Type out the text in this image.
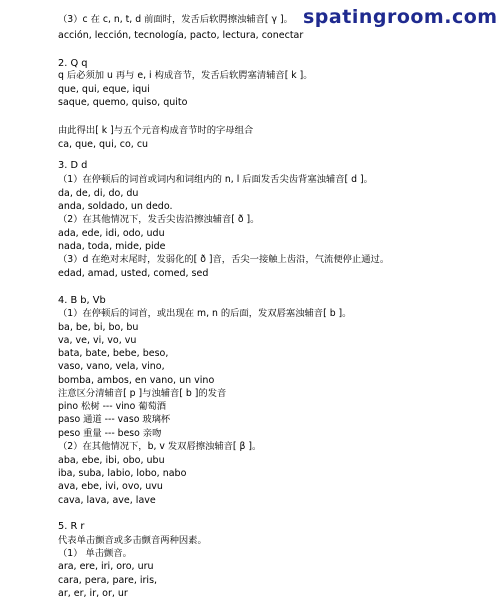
（3）c 在 c, n, t, d 前面时，发舌后软腭擦浊辅音[ γ ]。
acción, lección, tecnología, pacto, lectura, conectar
2. Q q
q 后必须加 u 再与 e, i 构成音节，发舌后软腭塞清辅音[ k ]。
que, qui, eque, iqui
saque, quemo, quiso, quito
由此得出[ k ]与五个元音构成音节时的字母组合
ca, que, qui, co, cu
3. D d
（1）在停顿后的词首或词内和词组内的 n, l 后面发舌尖齿背塞浊辅音[ d ]。
da, de, di, do, du
anda, soldado, un dedo.
（2）在其他情况下，发舌尖齿沿擦浊辅音[ ð ]。
ada, ede, idi, odo, udu
nada, toda, mide, pide
（3）d 在绝对末尾时，发弱化的[ ð ]音，舌尖一接触上齿沿，气流便停止通过。
edad, amad, usted, comed, sed
4. B b, Vb
（1）在停顿后的词首，或出现在 m, n 的后面，发双唇塞浊辅音[ b ]。
ba, be, bi, bo, bu
va, ve, vi, vo, vu
bata, bate, bebe, beso,
vaso, vano, vela, vino,
bomba, ambos, en vano, un vino
注意区分清辅音[ p ]与浊辅音[ b ]的发音
pino 松树 --- vino 葡萄酒
paso 通道 --- vaso 玻璃杯
peso 重量 --- beso 亲吻
（2）在其他情况下，b, v 发双唇擦浊辅音[ β ]。
aba, ebe, ibi, obo, ubu
iba, suba, labio, lobo, nabo
ava, ebe, ivi, ovo, uvu
cava, lava, ave, lave
5. R r
代表单击颤音或多击颤音两种因素。
（1） 单击颤音。
ara, ere, iri, oro, uru
cara, pera, pare, iris,
ar, er, ir, or, ur
spatingroom.com
